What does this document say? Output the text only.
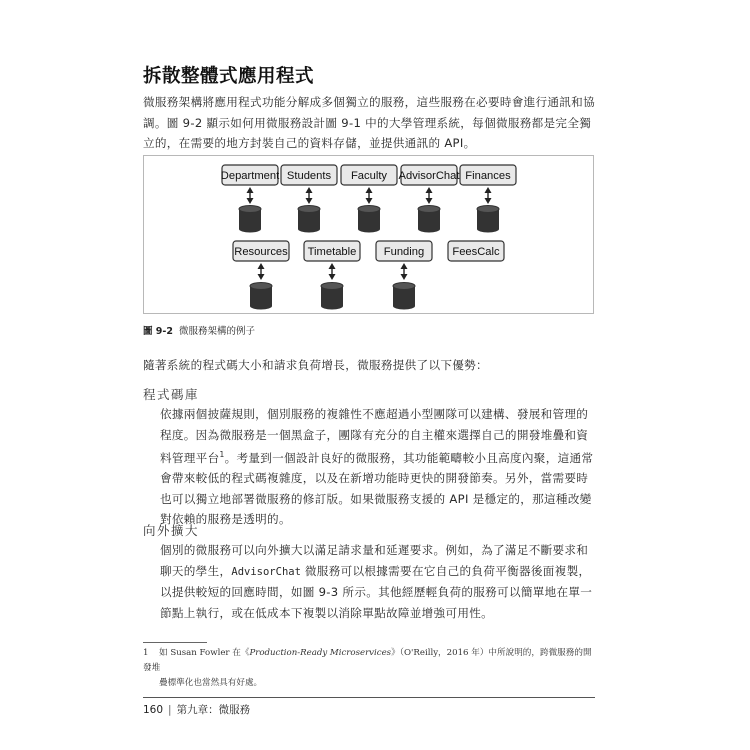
拆散整體式應用程式
微服務架構將應用程式功能分解成多個獨立的服務，這些服務在必要時會進行通訊和協調。圖 9-2 顯示如何用微服務設計圖 9-1 中的大學管理系統，每個微服務都是完全獨立的，在需要的地方封裝自己的資料存儲，並提供通訊的 API。
Department Students Faculty AdvisorChat Finances
Resources Timetable Funding	FeesCalc
圖 9-2 微服務架構的例子
隨著系統的程式碼大小和請求負荷增長，微服務提供了以下優勢：
程式碼庫
依據兩個披薩規則，個別服務的複雜性不應超過小型團隊可以建構、發展和管理的程度。因為微服務是一個黑盒子，團隊有充分的自主權來選擇自己的開發堆疊和資料管理平台$^1$。考量到一個設計良好的微服務，其功能範疇較小且高度內聚，這通常會帶來較低的程式碼複雜度，以及在新增功能時更快的開發節奏。另外，當需要時也可以獨立地部署微服務的修訂版。如果微服務支援的 API 是穩定的，那這種改變對依賴的服務是透明的。
向外擴大
個別的微服務可以向外擴大以滿足請求量和延遲要求。例如，為了滿足不斷要求和聊天的學生，AdvisorChat 微服務可以根據需要在它自己的負荷平衡器後面複製，以提供較短的回應時間，如圖 9-3 所示。其他經歷輕負荷的服務可以簡單地在單一節點上執行，或在低成本下複製以消除單點故障並增強可用性。
1 如 Susan Fowler 在《Production-Ready Microservices》（O'Reilly，2016 年）中所說明的，跨微服務的開發堆
疊標準化也當然具有好處。
160 | 第九章：微服務
